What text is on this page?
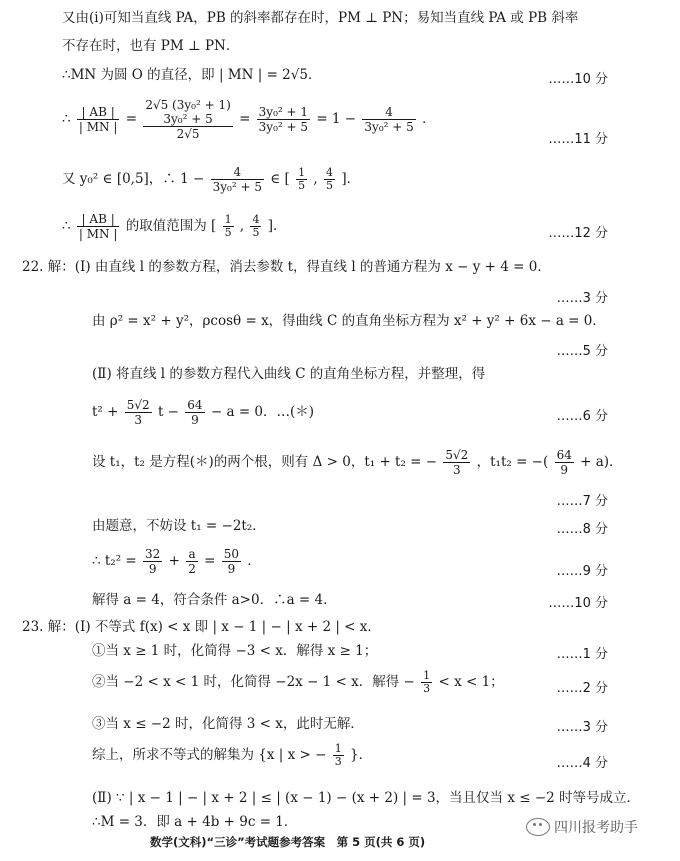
又由(i)可知当直线 PA，PB 的斜率都存在时，PM ⊥ PN；易知当直线 PA 或 PB 斜率
不存在时，也有 PM ⊥ PN．
∴MN 为圆 O 的直径，即 | MN | = 2√5．	……10 分
∴ $\frac{| AB |}{| MN |}$ =
2√5 (3y₀² + 1)
3y₀² + 5
2√5
= $\frac{\text{3y₀² + 1}}{\text{3y₀² + 5}} = 1 - \frac{4}{\text{3y₀² + 5}}$ ．
……11 分
又 y₀² ∈ [0,5]，∴ $1 - \frac{4}{\text{3y₀² + 5}}$ ∈ [ $\frac{1}{5}$ , $\frac{4}{5}$ ]．
∴ $\frac{| AB |}{| MN |}$ 的取值范围为 [ $\frac{1}{5}$ , $\frac{4}{5}$ ]．	……12 分
22. 解：(Ⅰ) 由直线 l 的参数方程，消去参数 t，得直线 l 的普通方程为 x − y + 4 = 0．
……3 分
由 ρ² = x² + y²，ρcosθ = x，得曲线 C 的直角坐标方程为 x² + y² + 6x − a = 0．
……5 分
(Ⅱ) 将直线 l 的参数方程代入曲线 C 的直角坐标方程，并整理，得
$t^2 + \frac{5√2}{3}$ $t - \frac{64}{9} - a = 0$．…(＊)	……6 分
设 t₁，t₂ 是方程(＊)的两个根，则有 Δ > 0，t₁ + t₂ = − $\frac{5√2}{3}$ ，t₁t₂ = −( $\frac{64}{9} + a$)．
……7 分
由题意，不妨设 t₁ = −2t₂．	……8 分
∴ $t_2^2 = \frac{32}{9} + \frac{a}{2} = \frac{50}{9}$ ．
……9 分
解得 a = 4，符合条件 a>0．∴a = 4．	……10 分
23. 解：(Ⅰ) 不等式 f(x) < x 即 | x − 1 | − | x + 2 | < x．
①当 x ≥ 1 时，化简得 −3 < x．解得 x ≥ 1；	……1 分
②当 −2 < x < 1 时，化简得 −2x − 1 < x．解得 − $\frac{1}{3} < x < 1$；	……2 分
③当 x ≤ −2 时，化简得 3 < x，此时无解．	……3 分
综上，所求不等式的解集为 {x | x > − $\frac{1}{3}$ }．
……4 分
(Ⅱ) ∵ | x − 1 | − | x + 2 | ≤ | (x − 1) − (x + 2) | = 3，当且仅当 x ≤ −2 时等号成立．
∴M = 3．即 a + 4b + 9c = 1．
数学(文科)“三诊”考试题参考答案　第 5 页(共 6 页)
四川报考助手
